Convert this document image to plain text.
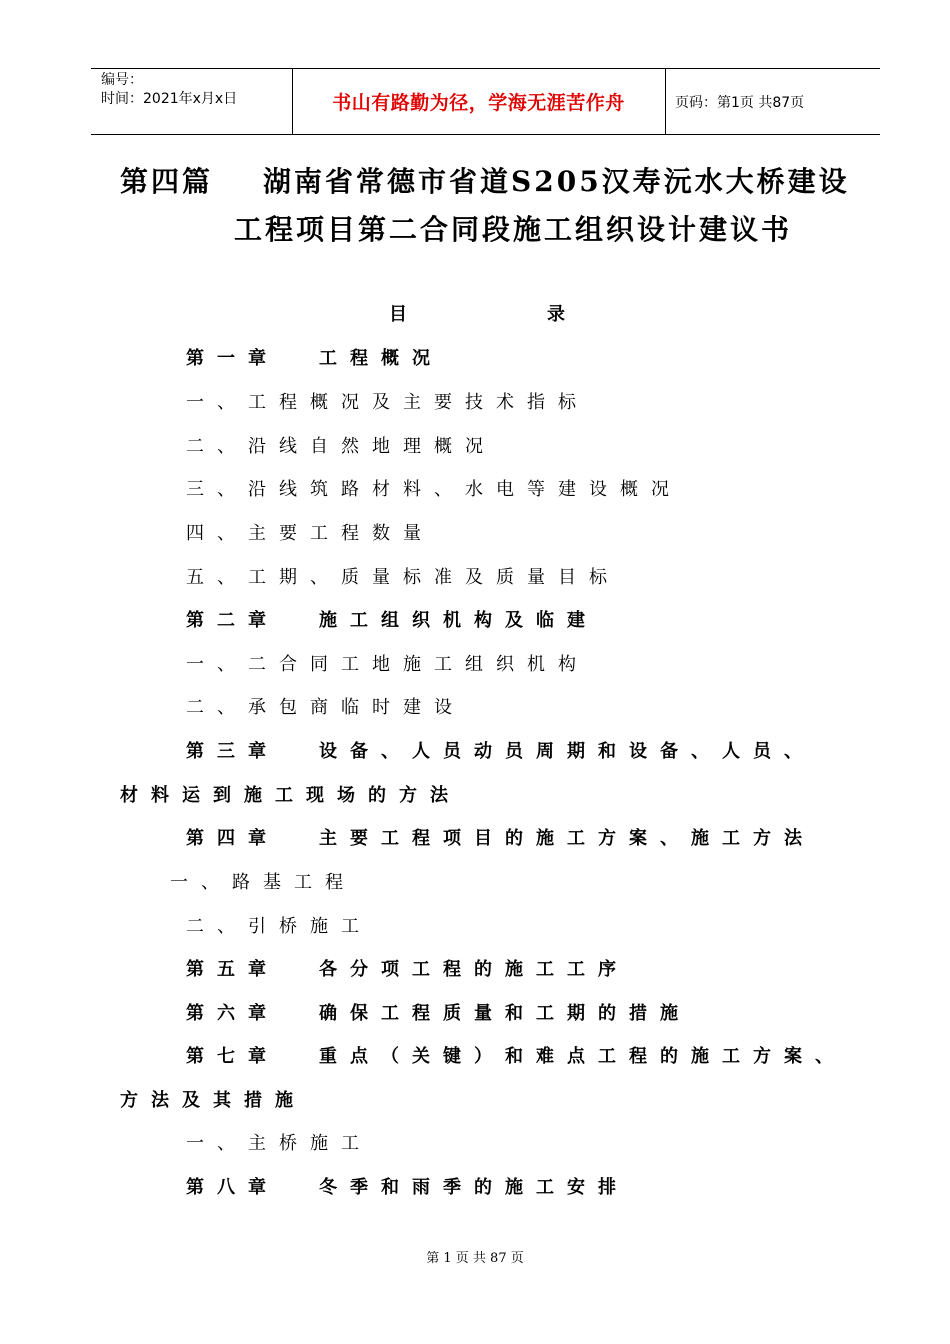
编号：
时间：2021年x月x日	书山有路勤为径，学海无涯苦作舟	页码：第1页 共87页
第四篇 湖南省常德市省道S205汉寿沅水大桥建设
工程项目第二合同段施工组织设计建议书
目	录
第一章 工程概况
一、工程概况及主要技术指标
二、沿线自然地理概况
三、沿线筑路材料、水电等建设概况
四、主要工程数量
五、工期、质量标准及质量目标
第二章 施工组织机构及临建
一、二合同工地施工组织机构
二、承包商临时建设
第三章 设备、人员动员周期和设备、人员、
材料运到施工现场的方法
第四章 主要工程项目的施工方案、施工方法
一、路基工程
二、引桥施工
第五章 各分项工程的施工工序
第六章 确保工程质量和工期的措施
第七章 重点（关键）和难点工程的施工方案、
方法及其措施
一、主桥施工
第八章 冬季和雨季的施工安排
第 1 页 共 87 页
